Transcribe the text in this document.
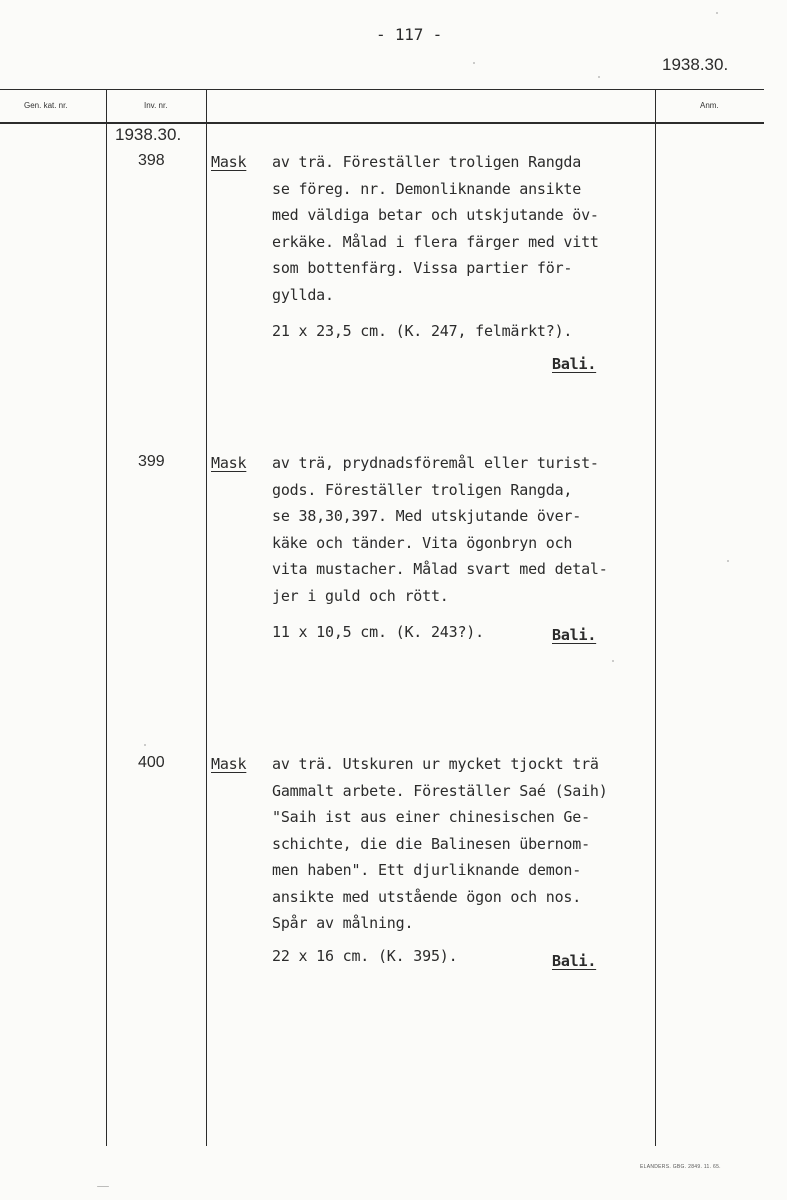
- 117 -
1938.30.
Gen. kat. nr.	Inv. nr.	Anm.
1938.30.
398	Mask av trä. Föreställer troligen Rangda
se föreg. nr. Demonliknande ansikte
med väldiga betar och utskjutande öv-
erkäke. Målad i flera färger med vitt
som bottenfärg. Vissa partier för-
gyllda.
21 x 23,5 cm. (K. 247, felmärkt?).
Bali.
399	Mask av trä, prydnadsföremål eller turist-
gods. Föreställer troligen Rangda,
se 38,30,397. Med utskjutande över-
käke och tänder. Vita ögonbryn och
vita mustacher. Målad svart med detal-
jer i guld och rött.
11 x 10,5 cm. (K. 243?).	Bali.
400	Mask av trä. Utskuren ur mycket tjockt trä
Gammalt arbete. Föreställer Saé (Saih)
"Saih ist aus einer chinesischen Ge-
schichte, die die Balinesen übernom-
men haben". Ett djurliknande demon-
ansikte med utstående ögon och nos.
Spår av målning.
22 x 16 cm. (K. 395).	Bali.
ELANDERS. GBG. 2849. 11. 65.
